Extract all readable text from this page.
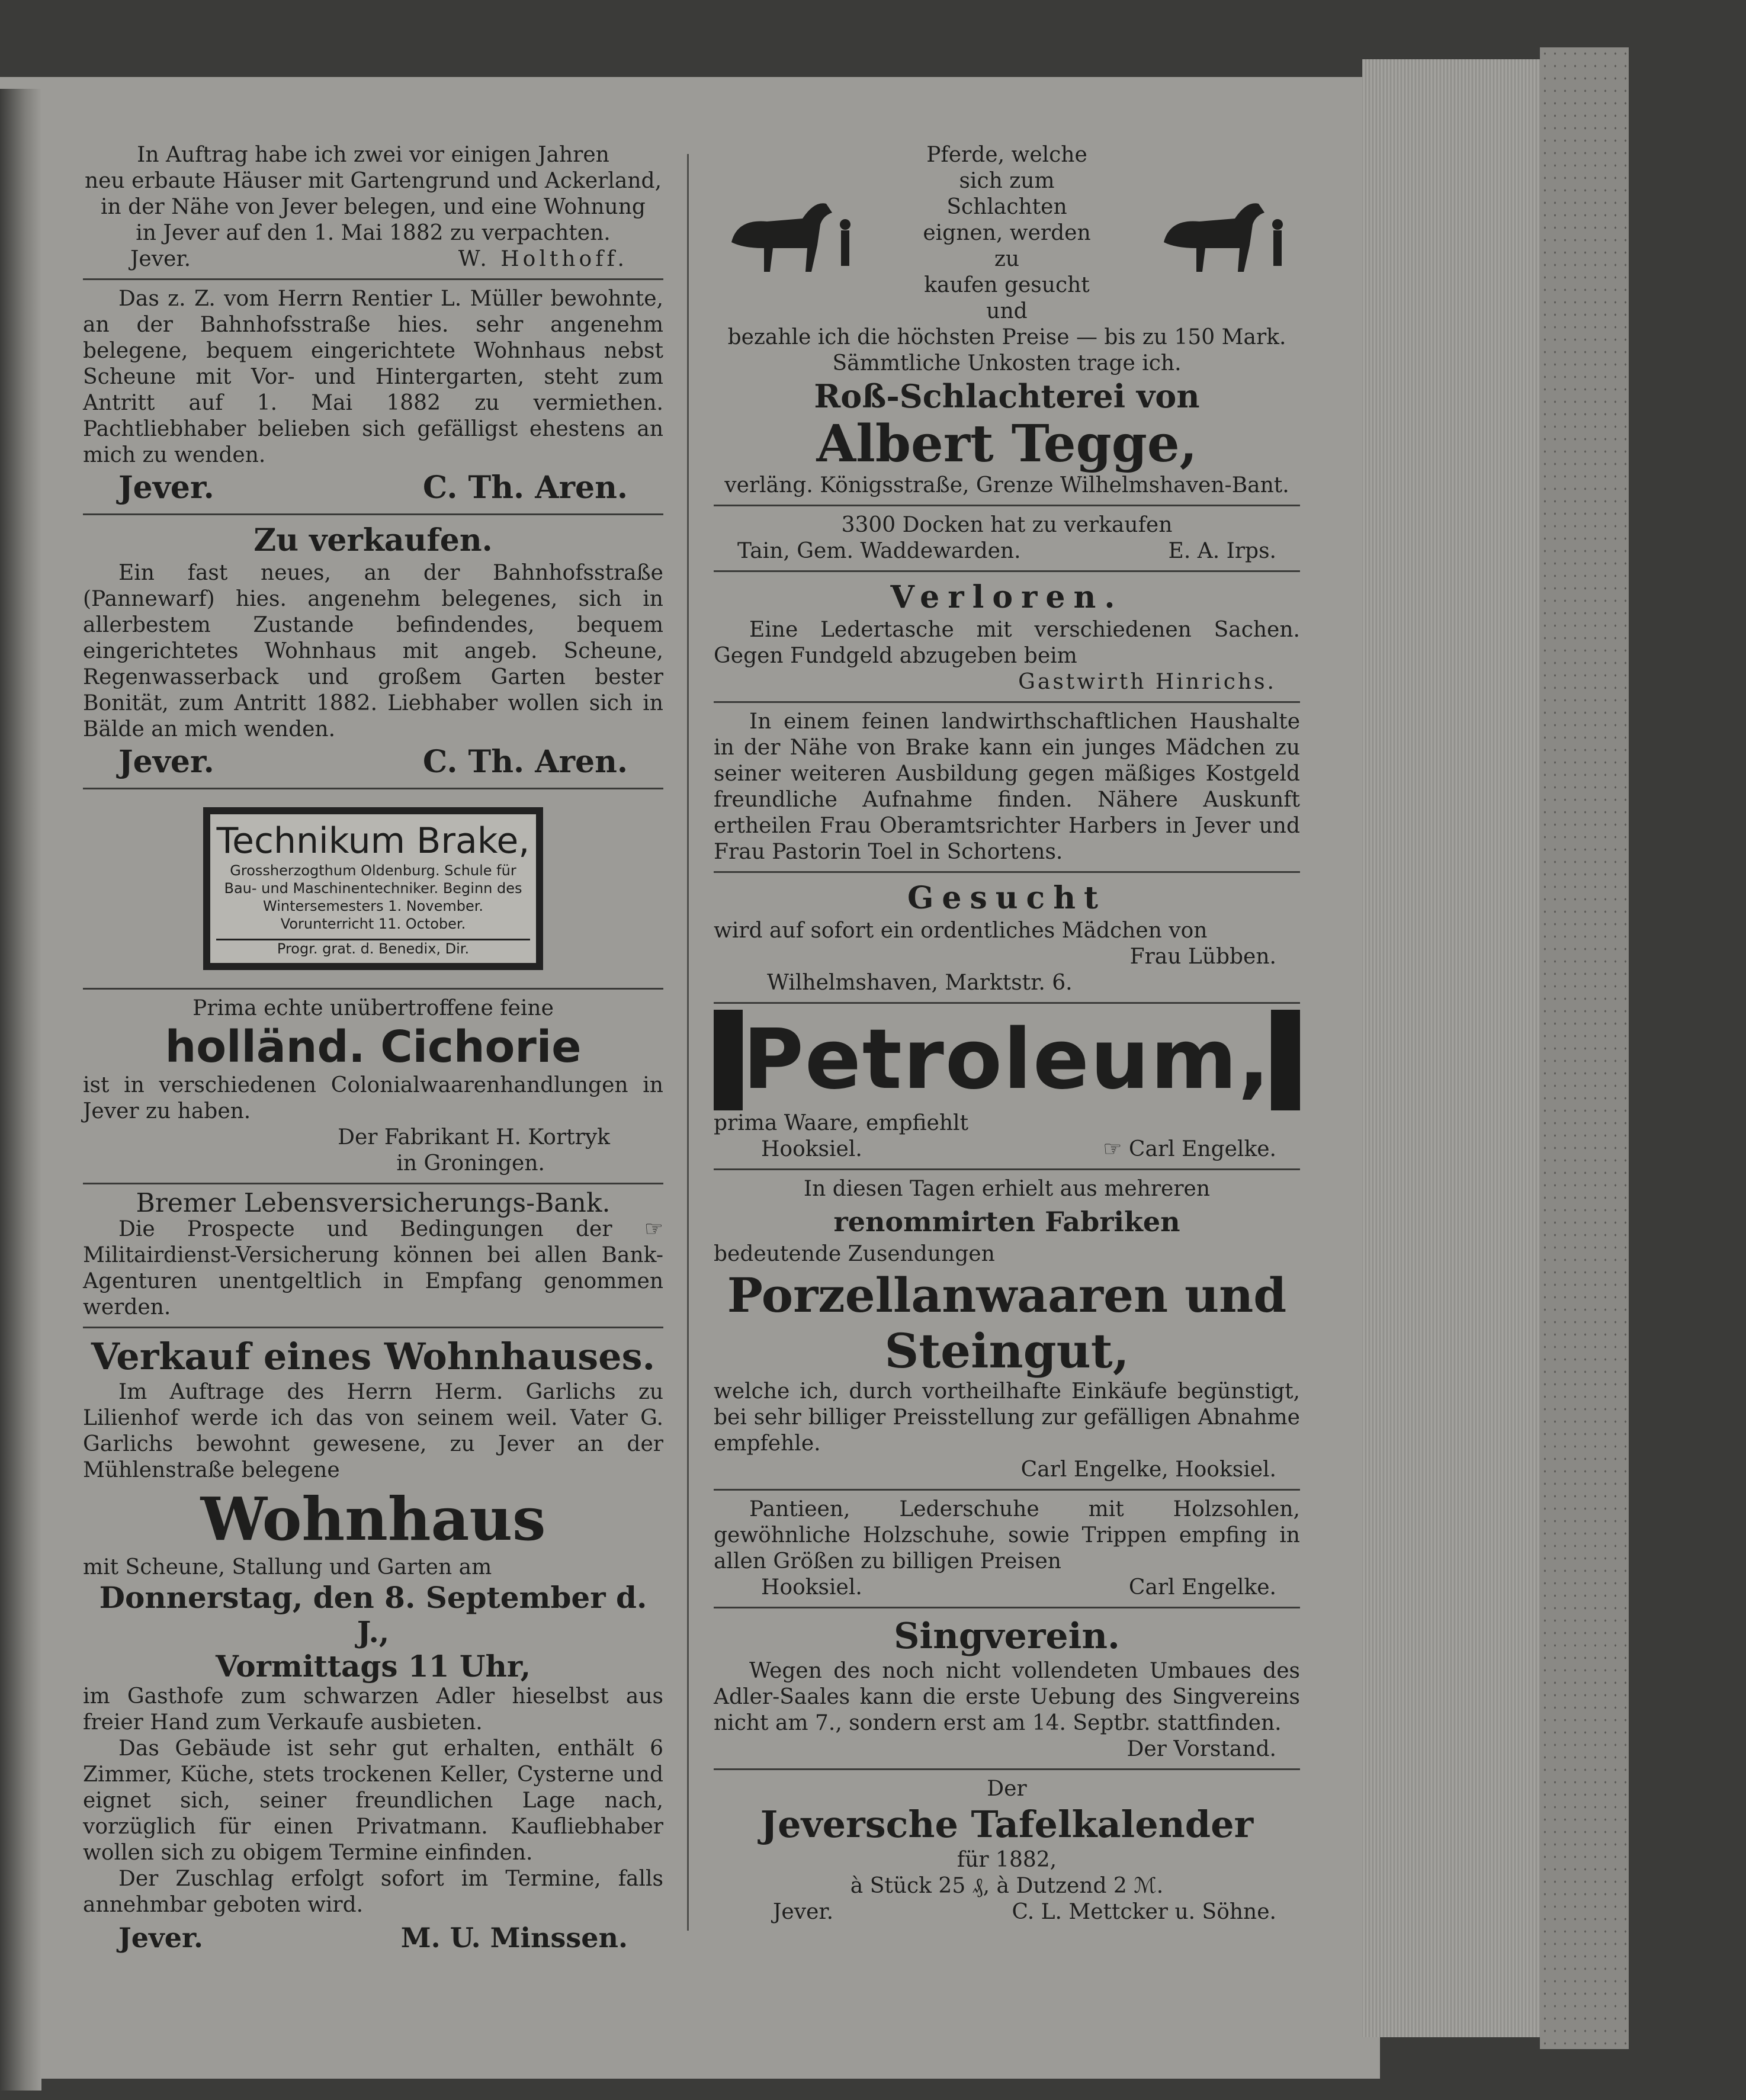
In Auftrag habe ich zwei vor einigen Jahren

neu erbaute Häuser mit Gartengrund und Ackerland,

in der Nähe von Jever belegen, und eine Wohnung

in Jever auf den 1. Mai 1882 zu verpachten.

Jever.	W. Holthoff.

Das z. Z. vom Herrn Rentier L. Müller bewohnte, an der Bahnhofsstraße hies. sehr angenehm belegene, bequem eingerichtete Wohnhaus nebst Scheune mit Vor- und Hintergarten, steht zum Antritt auf 1. Mai 1882 zu vermiethen. Pachtliebhaber belieben sich gefälligst ehestens an mich zu wenden.

Jever.	C. Th. Aren.

Zu verkaufen.

Ein fast neues, an der Bahnhofsstraße (Pannewarf) hies. angenehm belegenes, sich in allerbestem Zustande befindendes, bequem eingerichtetes Wohnhaus mit angeb. Scheune, Regenwasserback und großem Garten bester Bonität, zum Antritt 1882. Liebhaber wollen sich in Bälde an mich wenden.

Jever.	C. Th. Aren.
Technikum Brake,
Grossherzogthum Oldenburg. Schule für Bau- und Maschinentechniker. Beginn des Wintersemesters 1. November. Vorunterricht 11. October.
Progr. grat. d. Benedix, Dir.

Prima echte unübertroffene feine

holländ. Cichorie

ist in verschiedenen Colonialwaarenhandlungen in Jever zu haben.

Der Fabrikant H. Kortryk

in Groningen.

Bremer Lebensversicherungs-Bank.

Die Prospecte und Bedingungen der ☞ Militairdienst-Versicherung können bei allen Bank-Agenturen unentgeltlich in Empfang genommen werden.

Verkauf eines Wohnhauses.

Im Auftrage des Herrn Herm. Garlichs zu Lilienhof werde ich das von seinem weil. Vater G. Garlichs bewohnt gewesene, zu Jever an der Mühlenstraße belegene

Wohnhaus

mit Scheune, Stallung und Garten am

Donnerstag, den 8. September d. J.,

Vormittags 11 Uhr,

im Gasthofe zum schwarzen Adler hieselbst aus freier Hand zum Verkaufe ausbieten.

Das Gebäude ist sehr gut erhalten, enthält 6 Zimmer, Küche, stets trockenen Keller, Cysterne und eignet sich, seiner freundlichen Lage nach, vorzüglich für einen Privatmann. Kaufliebhaber wollen sich zu obigem Termine einfinden.

Der Zuschlag erfolgt sofort im Termine, falls annehmbar geboten wird.

Jever.	M. U. Minssen.

Pferde, welche

sich zum Schlachten

eignen, werden zu

kaufen gesucht und

bezahle ich die höchsten Preise — bis zu 150 Mark.

Sämmtliche Unkosten trage ich.

Roß-Schlachterei von

Albert Tegge,

verläng. Königsstraße, Grenze Wilhelmshaven-Bant.

3300 Docken hat zu verkaufen

Tain, Gem. Waddewarden.	E. A. Irps.

Verloren.

Eine Ledertasche mit verschiedenen Sachen. Gegen Fundgeld abzugeben beim

Gastwirth Hinrichs.

In einem feinen landwirthschaftlichen Haushalte in der Nähe von Brake kann ein junges Mädchen zu seiner weiteren Ausbildung gegen mäßiges Kostgeld freundliche Aufnahme finden. Nähere Auskunft ertheilen Frau Oberamtsrichter Harbers in Jever und Frau Pastorin Toel in Schortens.

Gesucht

wird auf sofort ein ordentliches Mädchen von

Frau Lübben.

Wilhelmshaven, Marktstr. 6.

Petroleum,

prima Waare, empfiehlt

Hooksiel.	☞ Carl Engelke.

In diesen Tagen erhielt aus mehreren

renommirten Fabriken

bedeutende Zusendungen

Porzellanwaaren und

Steingut,

welche ich, durch vortheilhafte Einkäufe begünstigt, bei sehr billiger Preisstellung zur gefälligen Abnahme empfehle.

Carl Engelke, Hooksiel.

Pantieen, Lederschuhe mit Holzsohlen, gewöhnliche Holzschuhe, sowie Trippen empfing in allen Größen zu billigen Preisen

Hooksiel.	Carl Engelke.

Singverein.

Wegen des noch nicht vollendeten Umbaues des Adler-Saales kann die erste Uebung des Singvereins nicht am 7., sondern erst am 14. Septbr. stattfinden.

Der Vorstand.

Der

Jeversche Tafelkalender

für 1882,

à Stück 25 ₰, à Dutzend 2 ℳ.

Jever.	C. L. Mettcker u. Söhne.
